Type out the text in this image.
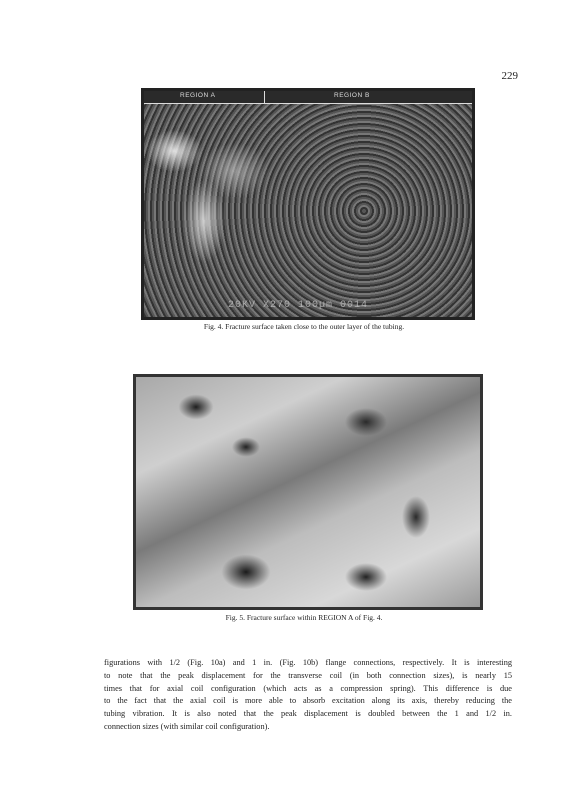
229
REGION A	REGION B
20KV X270 100µm 0014
Fig. 4. Fracture surface taken close to the outer layer of the tubing.
Fig. 5. Fracture surface within REGION A of Fig. 4.

figurations with 1/2 (Fig. 10a) and 1 in. (Fig. 10b) flange connections, respectively. It is interesting
to note that the peak displacement for the transverse coil (in both connection sizes), is nearly 15
times that for axial coil configuration (which acts as a compression spring). This difference is due
to the fact that the axial coil is more able to absorb excitation along its axis, thereby reducing the
tubing vibration. It is also noted that the peak displacement is doubled between the 1 and 1/2 in.
connection sizes (with similar coil configuration).
